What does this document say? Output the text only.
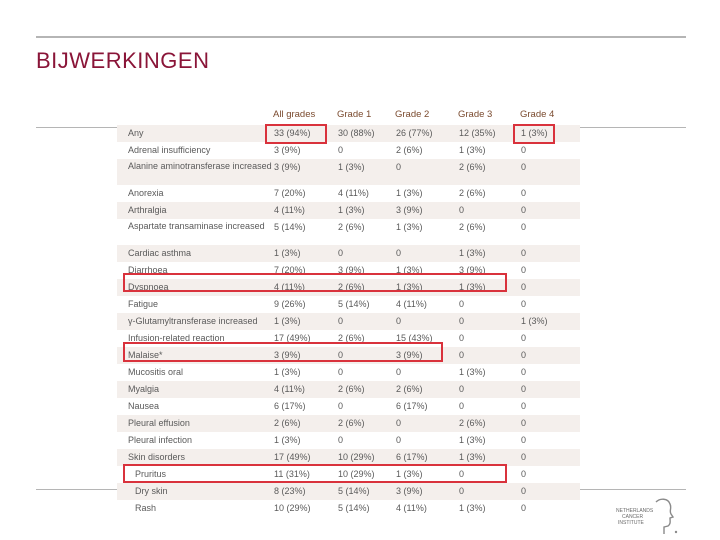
BIJWERKINGEN
All grades Grade 1 Grade 2	Grade 3	Grade 4
Any	33 (94%)	30 (88%) 26 (77%)	12 (35%)	1 (3%)
Adrenal insufficiency	3 (9%)	0	2 (6%)	1 (3%)	0
Alanine aminotransferase increased 3 (9%)	1 (3%)	0	2 (6%)	0
Anorexia	7 (20%)	4 (11%)	1 (3%)	2 (6%)	0
Arthralgia	4 (11%)	1 (3%)	3 (9%)	0	0
Aspartate transaminase increased	5 (14%)	2 (6%)	1 (3%)	2 (6%)	0
Cardiac asthma	1 (3%)	0	0	1 (3%)	0
Diarrhoea	7 (20%)	3 (9%)	1 (3%)	3 (9%)	0
Dyspnoea	4 (11%)	2 (6%)	1 (3%)	1 (3%)	0
Fatigue	9 (26%)	5 (14%)	4 (11%)	0	0
γ-Glutamyltransferase increased	1 (3%)	0	0	0	1 (3%)
Infusion-related reaction	17 (49%)	2 (6%)	15 (43%)	0	0
Malaise*	3 (9%)	0	3 (9%)	0	0
Mucositis oral	1 (3%)	0	0	1 (3%)	0
Myalgia	4 (11%)	2 (6%)	2 (6%)	0	0
Nausea	6 (17%)	0	6 (17%)	0	0
Pleural effusion	2 (6%)	2 (6%)	0	2 (6%)	0
Pleural infection	1 (3%)	0	0	1 (3%)	0
Skin disorders	17 (49%)	10 (29%) 6 (17%)	1 (3%)	0
Pruritus	11 (31%)	10 (29%) 1 (3%)	0	0
Dry skin	8 (23%)	5 (14%)	3 (9%)	0	0
Rash	10 (29%)	5 (14%)	4 (11%)	1 (3%)	0	NETHERLANDS
CANCER
INSTITUTE
